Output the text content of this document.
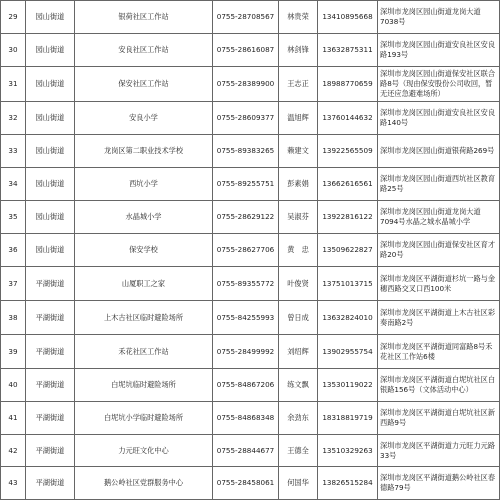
29	园山街道	银荷社区工作站	0755-28708567	林贵荣	13410895668	深圳市龙岗区园山街道龙岗大道7038号
30	园山街道	安良社区工作站	0755-28616087	林剑锋	13632875311	深圳市龙岗区园山街道安良社区安良路193号
31	园山街道	保安社区工作站	0755-28389900	王志正	18988770659	深圳市龙岗区园山街道保安社区联合路8号（现由保安股份公司收回，暂无还应急避难场所）
32	园山街道	安良小学	0755-28609377	温旭辉	13760144632	深圳市龙岗区园山街道安良社区安良路140号
33	园山街道	龙岗区第二职业技术学校	0755-89383265	赖建文	13922565509	深圳市龙岗区园山街道银荷路269号
34	园山街道	西坑小学	0755-89255751	彭素娟	13662616561	深圳市龙岗区园山街道西坑社区教育路25号
35	园山街道	水晶城小学	0755-28629122	吴淑芬	13922816122	深圳市龙岗区园山街道龙岗大道7094号水晶之城水晶城小学
36	园山街道	保安学校	0755-28627706	黄　忠	13509622827	深圳市龙岗区园山街道保安社区育才路20号
37	平湖街道	山厦职工之家	0755-89355772	叶俊贤	13751013715	深圳市龙岗区平湖街道杉坑一路与金穗西路交叉口西100米
38	平湖街道	上木古社区临时避险场所	0755-84255993	曾日成	13632824010	深圳市龙岗区平湖街道上木古社区彩奏南路2号
39	平湖街道	禾花社区工作站	0755-28499992	刘绍辉	13902955754	深圳市龙岗区平湖街道同富路8号禾花社区工作站6楼
40	平湖街道	白坭坑临时避险场所	0755-84867206	练文飘	13530119022	深圳市龙岗区平湖街道白坭坑社区白银路156号（文体活动中心）
41	平湖街道	白坭坑小学临时避险场所	0755-84868348	余劲东	18318819719	深圳市龙岗区平湖街道白坭坑社区新西路9号
42	平湖街道	力元旺文化中心	0755-28844677	王德全	13510329263	深圳市龙岗区平湖街道力元旺力元路33号
43	平湖街道	鹅公岭社区党群服务中心	0755-28458061	何国华	13826515284	深圳市龙岗区平湖街道鹅公岭社区春德路79号
